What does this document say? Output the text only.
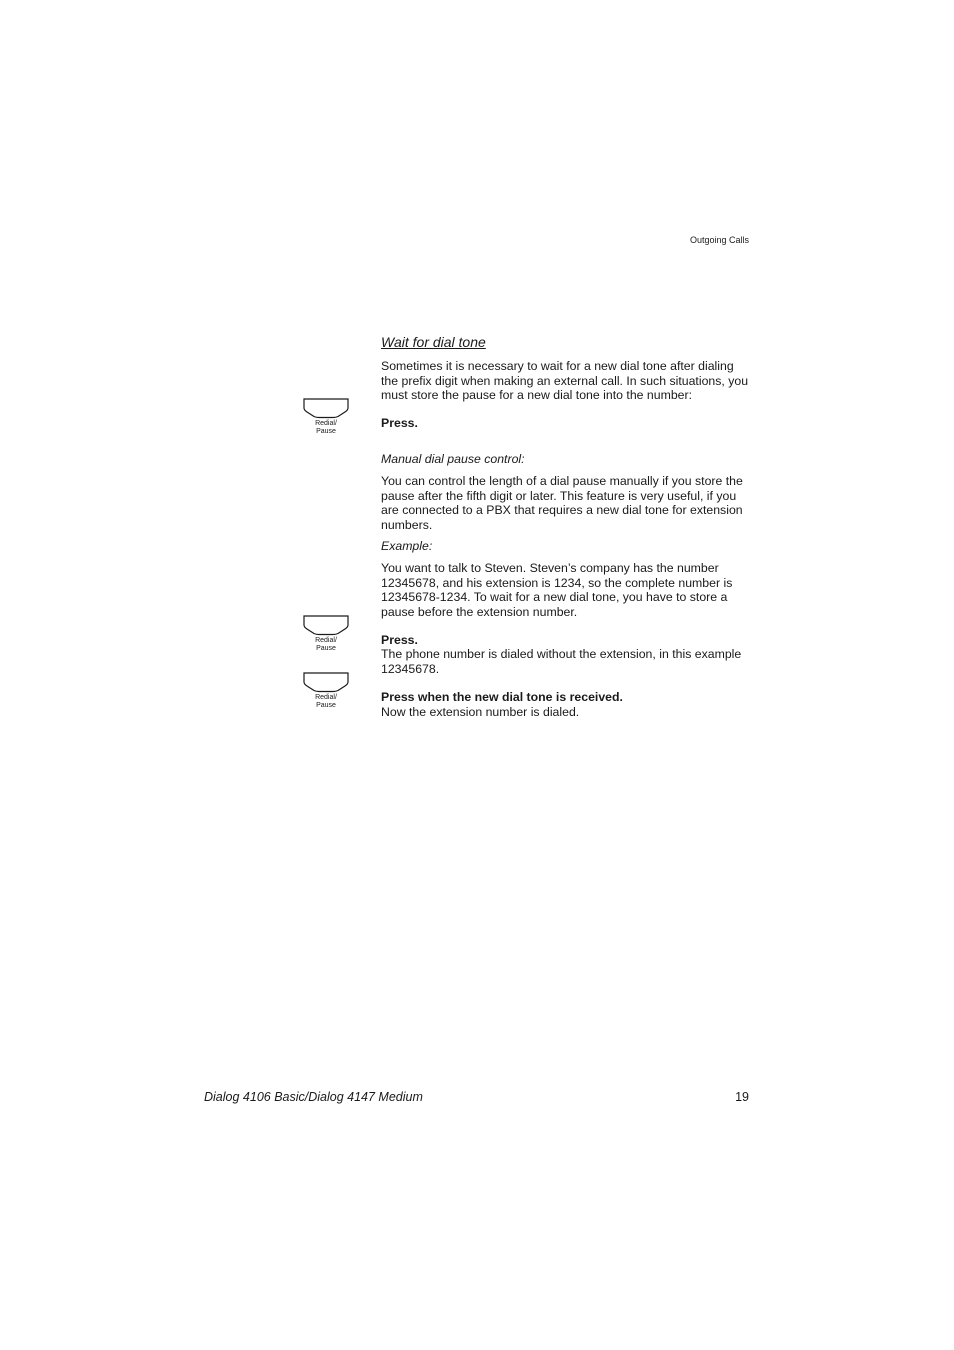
Outgoing Calls
Wait for dial tone

Sometimes it is necessary to wait for a new dial tone after dialing the prefix digit when making an external call. In such situations, you must store the pause for a new dial tone into the number:

Redial/
Pause
Press.
Manual dial pause control:

You can control the length of a dial pause manually if you store the pause after the fifth digit or later. This feature is very useful, if you are connected to a PBX that requires a new dial tone for extension numbers.

Example:

You want to talk to Steven. Steven’s company has the number 12345678, and his extension is 1234, so the complete number is 12345678-1234. To wait for a new dial tone, you have to store a pause before the extension number.

Redial/
Pause
Press.

The phone number is dialed without the extension, in this example 12345678.

Redial/
Pause
Press when the new dial tone is received.
Now the extension number is dialed.
Dialog 4106 Basic/Dialog 4147 Medium	19
